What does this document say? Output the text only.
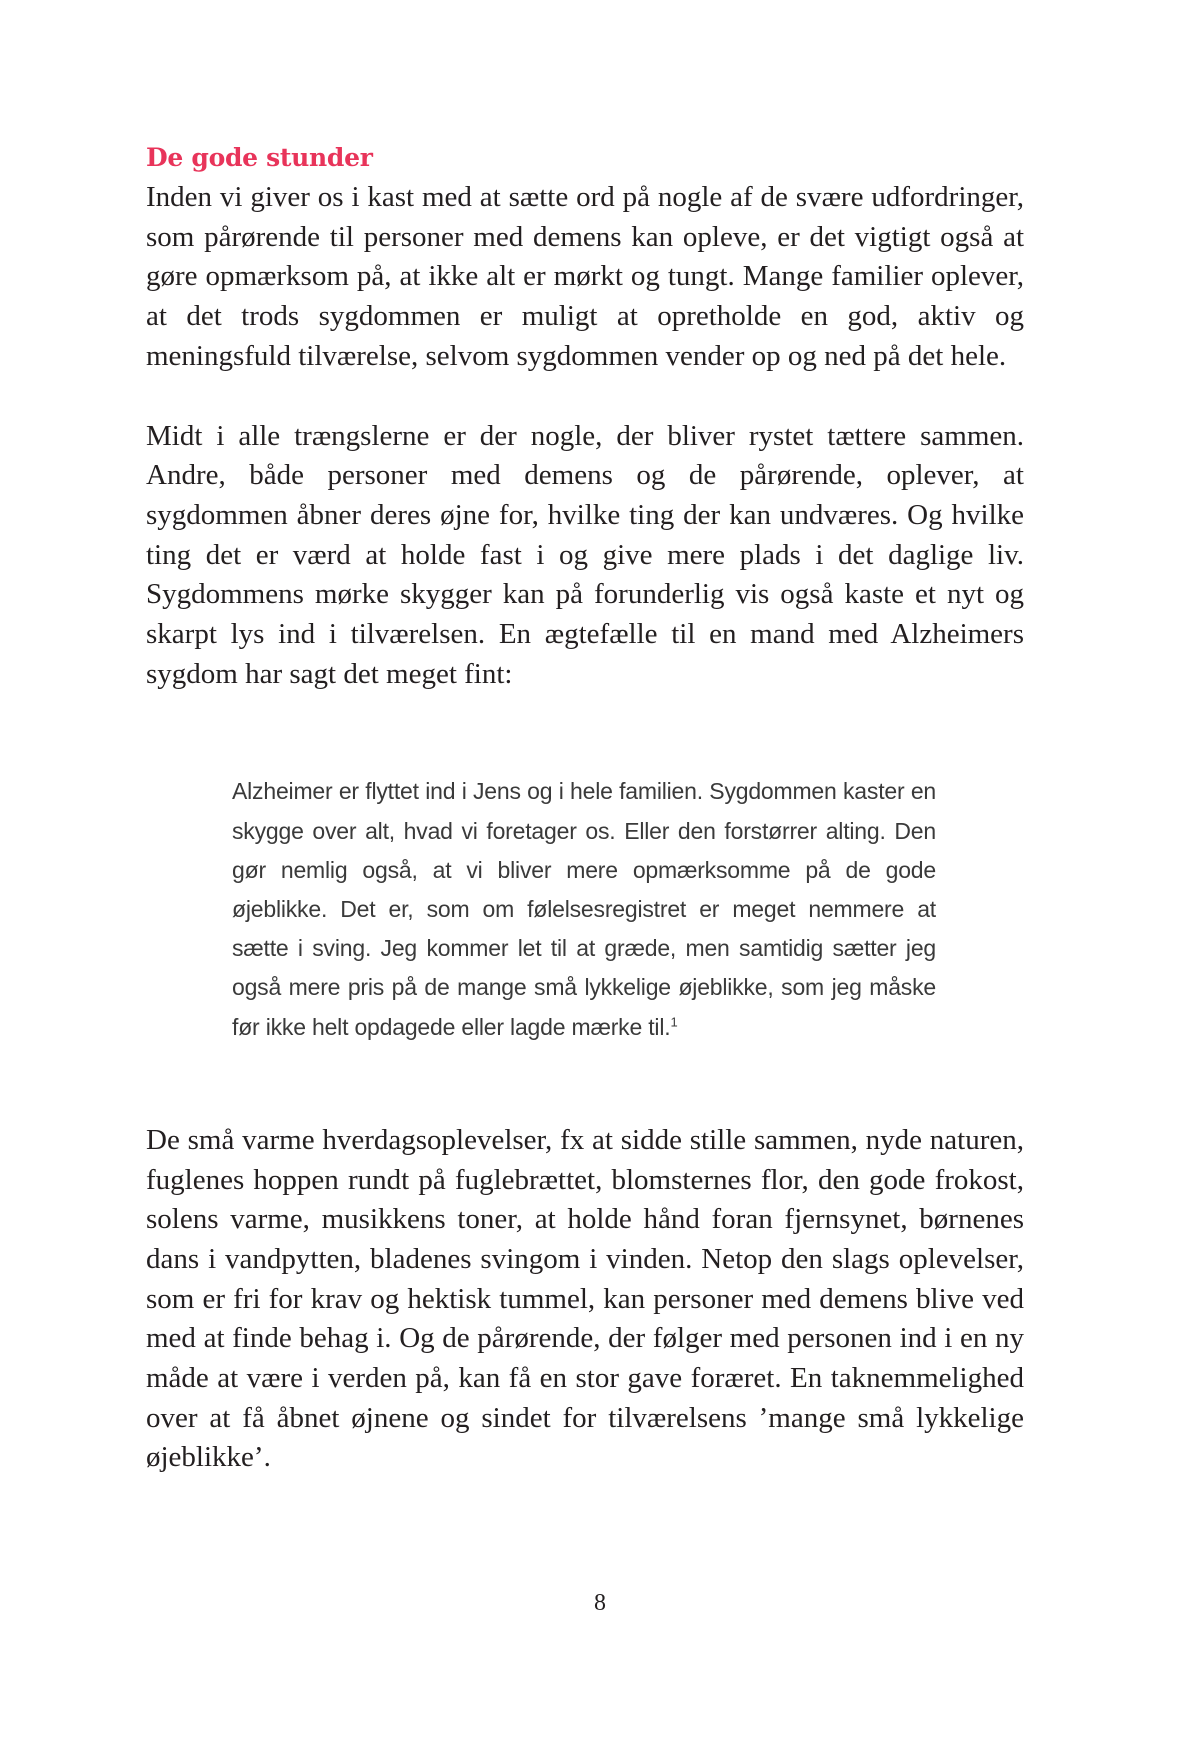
De gode stunder

Inden vi giver os i kast med at sætte ord på nogle af de svære udfordringer, som pårørende til personer med demens kan opleve, er det vigtigt også at gøre opmærksom på, at ikke alt er mørkt og tungt. Mange familier oplever, at det trods sygdommen er muligt at opretholde en god, aktiv og meningsfuld tilværelse, selvom sygdommen vender op og ned på det hele.

Midt i alle trængslerne er der nogle, der bliver rystet tættere sammen. Andre, både personer med demens og de pårørende, oplever, at sygdommen åbner deres øjne for, hvilke ting der kan undværes. Og hvilke ting det er værd at holde fast i og give mere plads i det daglige liv. Sygdommens mørke skygger kan på forunderlig vis også kaste et nyt og skarpt lys ind i tilværelsen. En ægtefælle til en mand med Alzheimers sygdom har sagt det meget fint:

Alzheimer er flyttet ind i Jens og i hele familien. Sygdommen kaster en skygge over alt, hvad vi foretager os. Eller den forstørrer alting. Den gør nemlig også, at vi bliver mere opmærksomme på de gode øjeblikke. Det er, som om følelsesregistret er meget nemmere at sætte i sving. Jeg kommer let til at græde, men samtidig sætter jeg også mere pris på de mange små lykkelige øjeblikke, som jeg måske før ikke helt opdagede eller lagde mærke til.$^1$

De små varme hverdagsoplevelser, fx at sidde stille sammen, nyde naturen, fuglenes hoppen rundt på fuglebrættet, blomsternes flor, den gode frokost, solens varme, musikkens toner, at holde hånd foran fjernsynet, børnenes dans i vandpytten, bladenes svingom i vinden. Netop den slags oplevelser, som er fri for krav og hektisk tummel, kan personer med demens blive ved med at finde behag i. Og de pårørende, der følger med personen ind i en ny måde at være i verden på, kan få en stor gave foræret. En taknemmelighed over at få åbnet øjnene og sindet for tilværelsens ’mange små lykkelige øjeblikke’.

8
